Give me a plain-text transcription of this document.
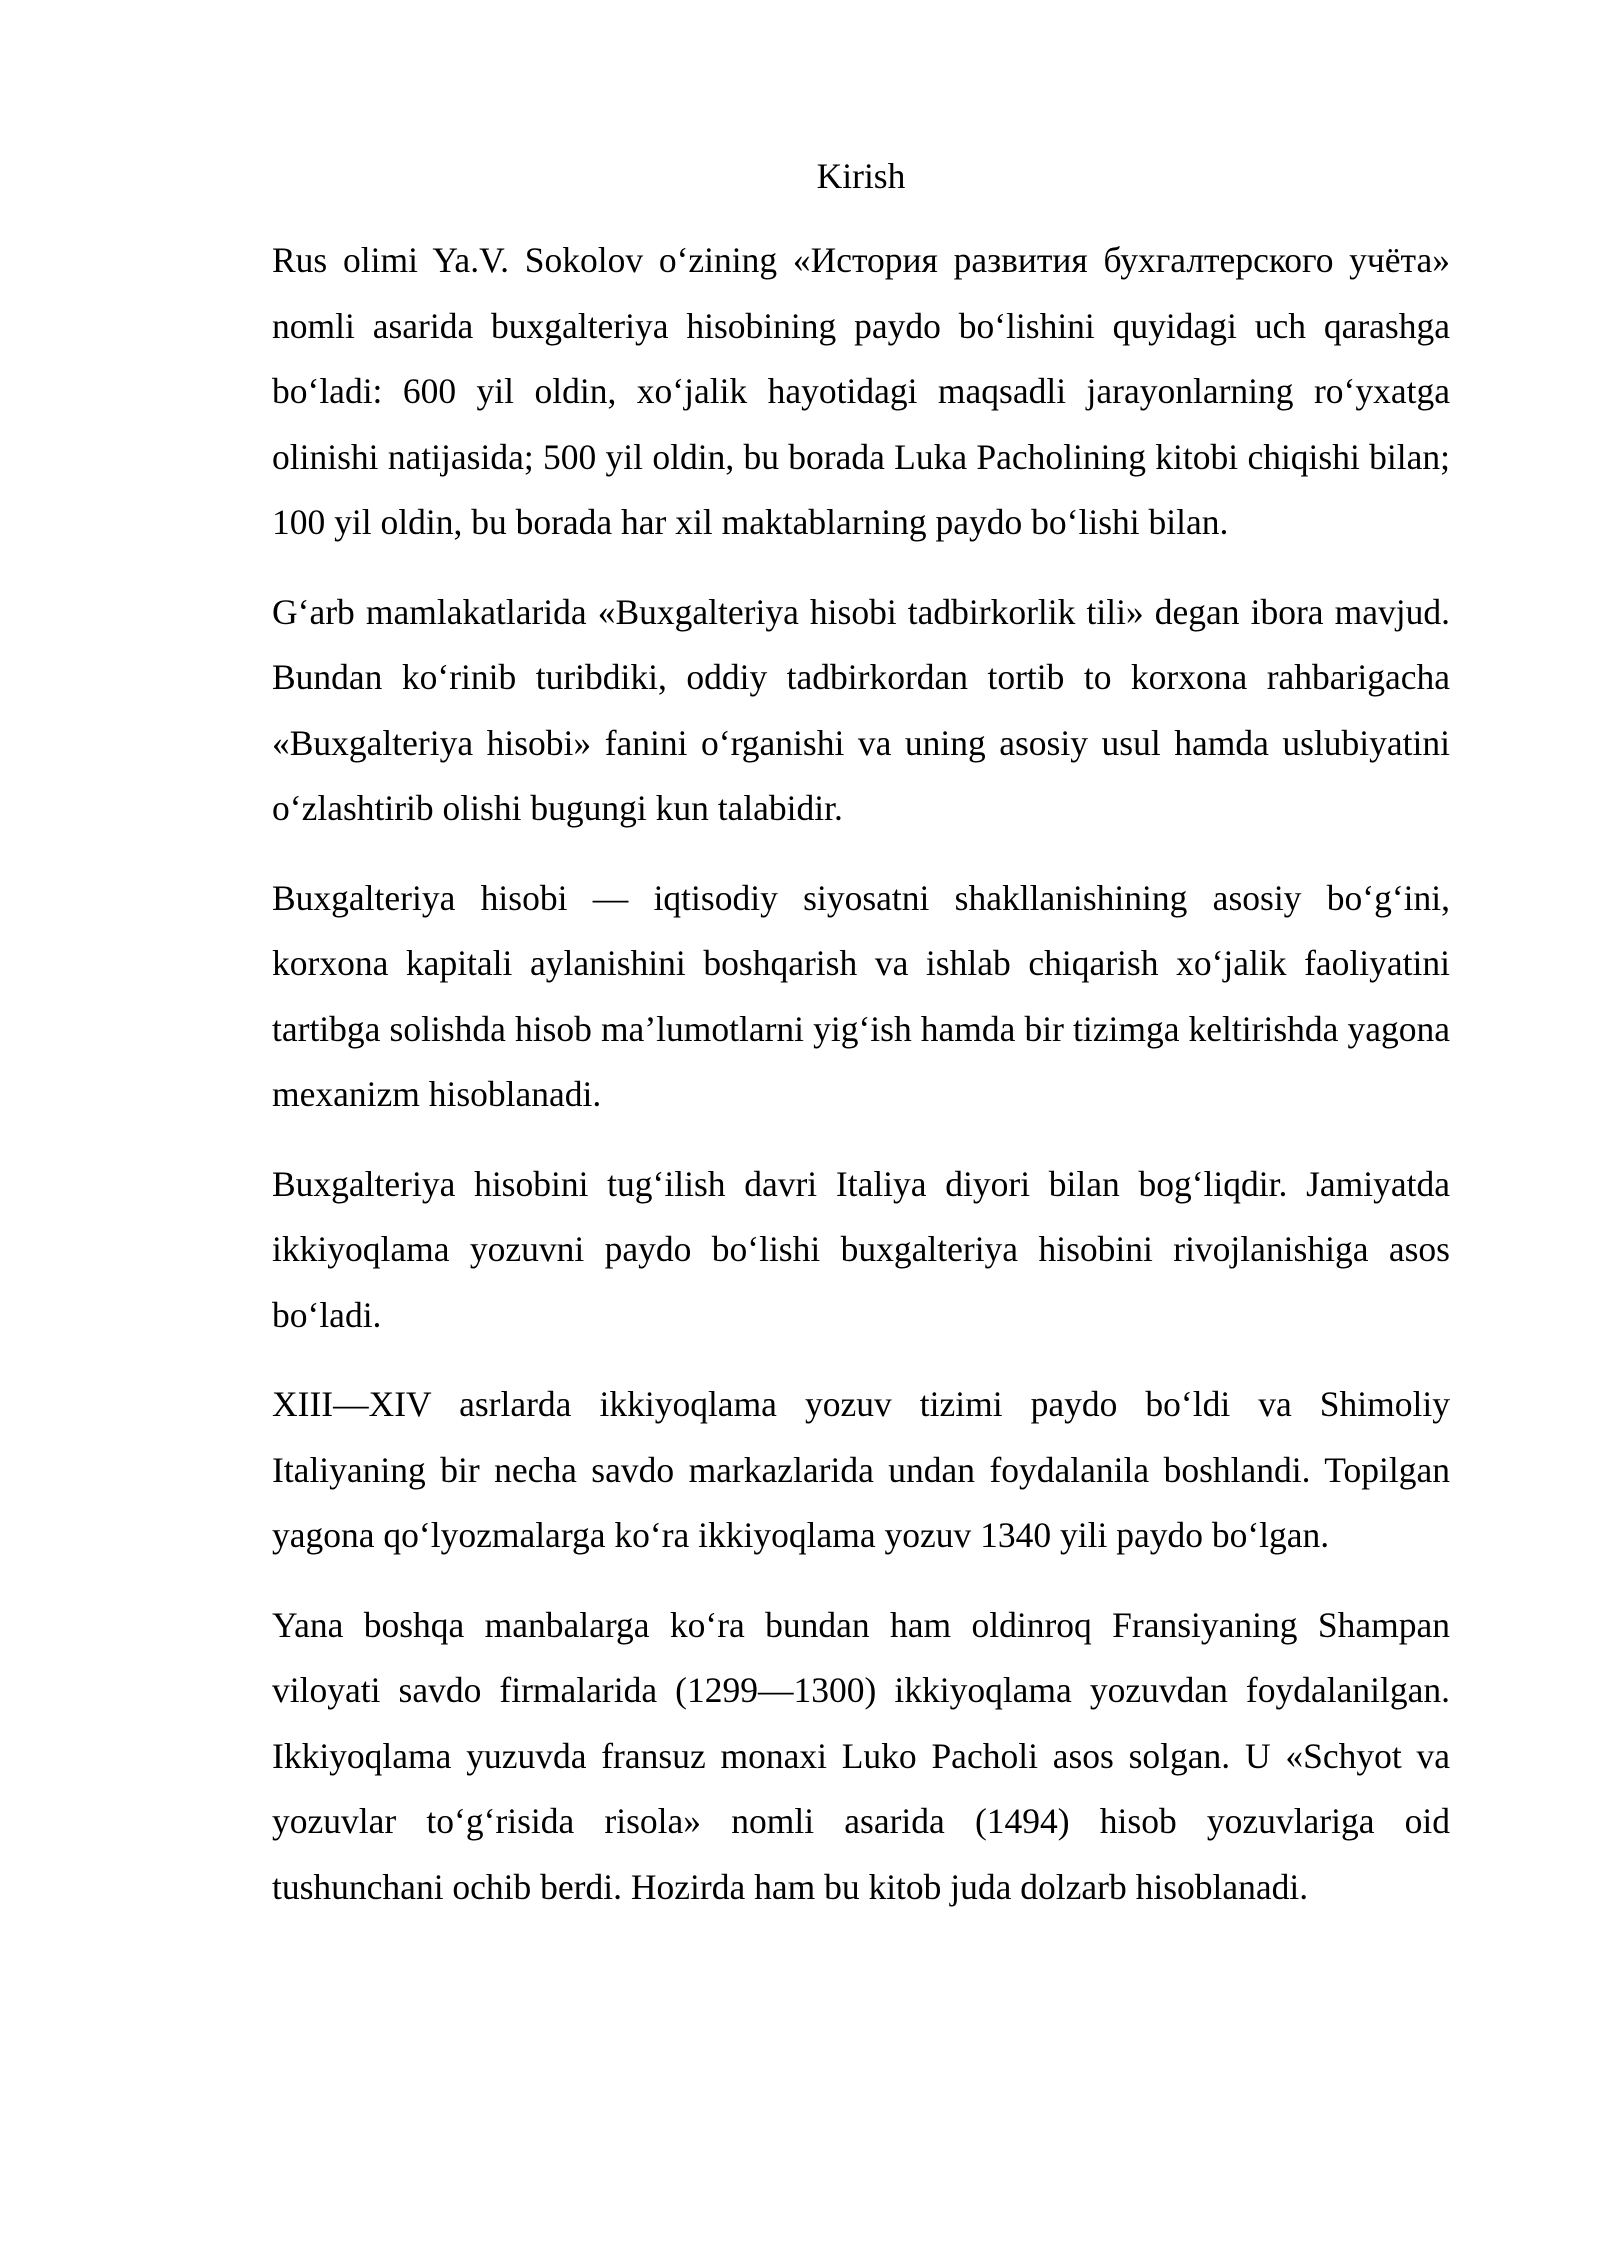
Kirish

Rus olimi Ya.V. Sokolov o‘zining «История развития бухгалтерского учёта» nomli asarida buxgalteriya hisobining paydo bo‘lishini quyidagi uch qarashga bo‘ladi: 600 yil oldin, xo‘jalik hayotidagi maqsadli jarayonlarning ro‘yxatga olinishi natijasida; 500 yil oldin, bu borada Luka Pacholining kitobi chiqishi bilan; 100 yil oldin, bu borada har xil maktablarning paydo bo‘lishi bilan.

G‘arb mamlakatlarida «Buxgalteriya hisobi tadbirkorlik tili» degan ibora mavjud. Bundan ko‘rinib turibdiki, oddiy tadbirkordan tortib to korxona rahbarigacha «Buxgalteriya hisobi» fanini o‘rganishi va uning asosiy usul hamda uslubiyatini o‘zlashtirib olishi bugungi kun talabidir.

Buxgalteriya hisobi — iqtisodiy siyosatni shakllanishining asosiy bo‘g‘ini, korxona kapitali aylanishini boshqarish va ishlab chiqarish xo‘jalik faoliyatini tartibga solishda hisob ma’lumotlarni yig‘ish hamda bir tizimga keltirishda yagona mexanizm hisoblanadi.

Buxgalteriya hisobini tug‘ilish davri Italiya diyori bilan bog‘liqdir. Jamiyatda ikkiyoqlama yozuvni paydo bo‘lishi buxgalteriya hisobini rivojlanishiga asos bo‘ladi.

XIII—XIV asrlarda ikkiyoqlama yozuv tizimi paydo bo‘ldi va Shimoliy Italiyaning bir necha savdo markazlarida undan foydalanila boshlandi. Topilgan yagona qo‘lyozmalarga ko‘ra ikkiyoqlama yozuv 1340 yili paydo bo‘lgan.

Yana boshqa manbalarga ko‘ra bundan ham oldinroq Fransiyaning Shampan viloyati savdo firmalarida (1299—1300) ikkiyoqlama yozuvdan foydalanilgan. Ikkiyoqlama yuzuvda fransuz monaxi Luko Pacholi asos solgan. U «Schyot va yozuvlar to‘g‘risida risola» nomli asarida (1494) hisob yozuvlariga oid tushunchani ochib berdi. Hozirda ham bu kitob juda dolzarb hisoblanadi.
